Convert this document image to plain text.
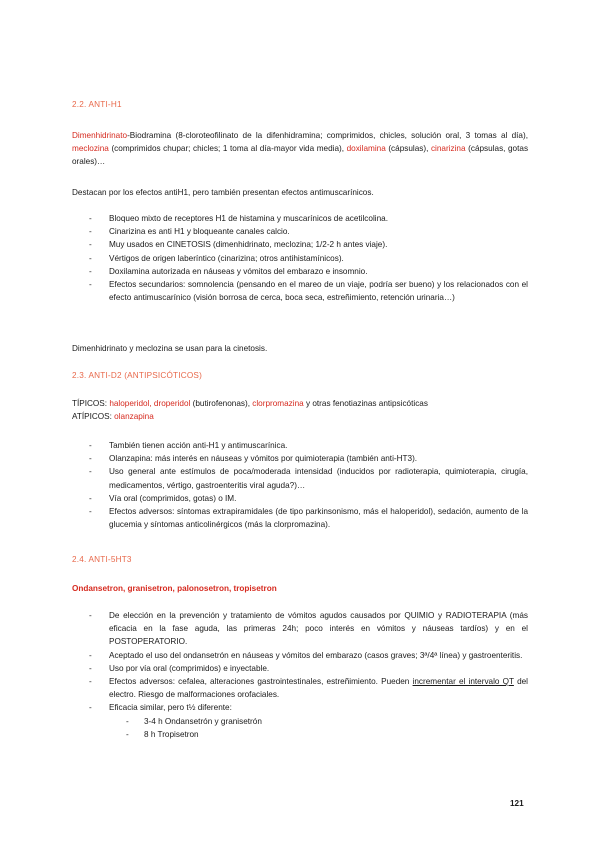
2.2. ANTI-H1
Dimenhidrinato-Biodramina (8-cloroteofilinato de la difenhidramina; comprimidos, chicles, solución oral, 3 tomas al día), meclozina (comprimidos chupar; chicles; 1 toma al día-mayor vida media), doxilamina (cápsulas), cinarizina (cápsulas, gotas orales)…
Destacan por los efectos antiH1, pero también presentan efectos antimuscarínicos.
- Bloqueo mixto de receptores H1 de histamina y muscarínicos de acetilcolina.
- Cinarizina es anti H1 y bloqueante canales calcio.
- Muy usados en CINETOSIS (dimenhidrinato, meclozina; 1/2-2 h antes viaje).
- Vértigos de origen laberíntico (cinarizina; otros antihistamínicos).
- Doxilamina autorizada en náuseas y vómitos del embarazo e insomnio.
- Efectos secundarios: somnolencia (pensando en el mareo de un viaje, podría ser bueno) y los relacionados con el efecto antimuscarínico (visión borrosa de cerca, boca seca, estreñimiento, retención urinaria…)
Dimenhidrinato y meclozina se usan para la cinetosis.
2.3. ANTI-D2 (ANTIPSICÓTICOS)
TÍPICOS: haloperidol, droperidol (butirofenonas), clorpromazina y otras fenotiazinas antipsicóticas
ATÍPICOS: olanzapina
- También tienen acción anti-H1 y antimuscarínica.
- Olanzapina: más interés en náuseas y vómitos por quimioterapia (también anti-HT3).
- Uso general ante estímulos de poca/moderada intensidad (inducidos por radioterapia, quimioterapia, cirugía, medicamentos, vértigo, gastroenteritis viral aguda?)…
- Vía oral (comprimidos, gotas) o IM.
- Efectos adversos: síntomas extrapiramidales (de tipo parkinsonismo, más el haloperidol), sedación, aumento de la glucemia y síntomas anticolinérgicos (más la clorpromazina).
2.4. ANTI-5HT3
Ondansetron, granisetron, palonosetron, tropisetron
- De elección en la prevención y tratamiento de vómitos agudos causados por QUIMIO y RADIOTERAPIA (más eficacia en la fase aguda, las primeras 24h; poco interés en vómitos y náuseas tardíos) y en el POSTOPERATORIO.
- Aceptado el uso del ondansetrón en náuseas y vómitos del embarazo (casos graves; 3ª/4ª línea) y gastroenteritis.
- Uso por vía oral (comprimidos) e inyectable.
- Efectos adversos: cefalea, alteraciones gastrointestinales, estreñimiento. Pueden incrementar el intervalo QT del electro. Riesgo de malformaciones orofaciales.
- Eficacia similar, pero t½ diferente:
- 3-4 h Ondansetrón y granisetrón
- 8 h Tropisetron
121
